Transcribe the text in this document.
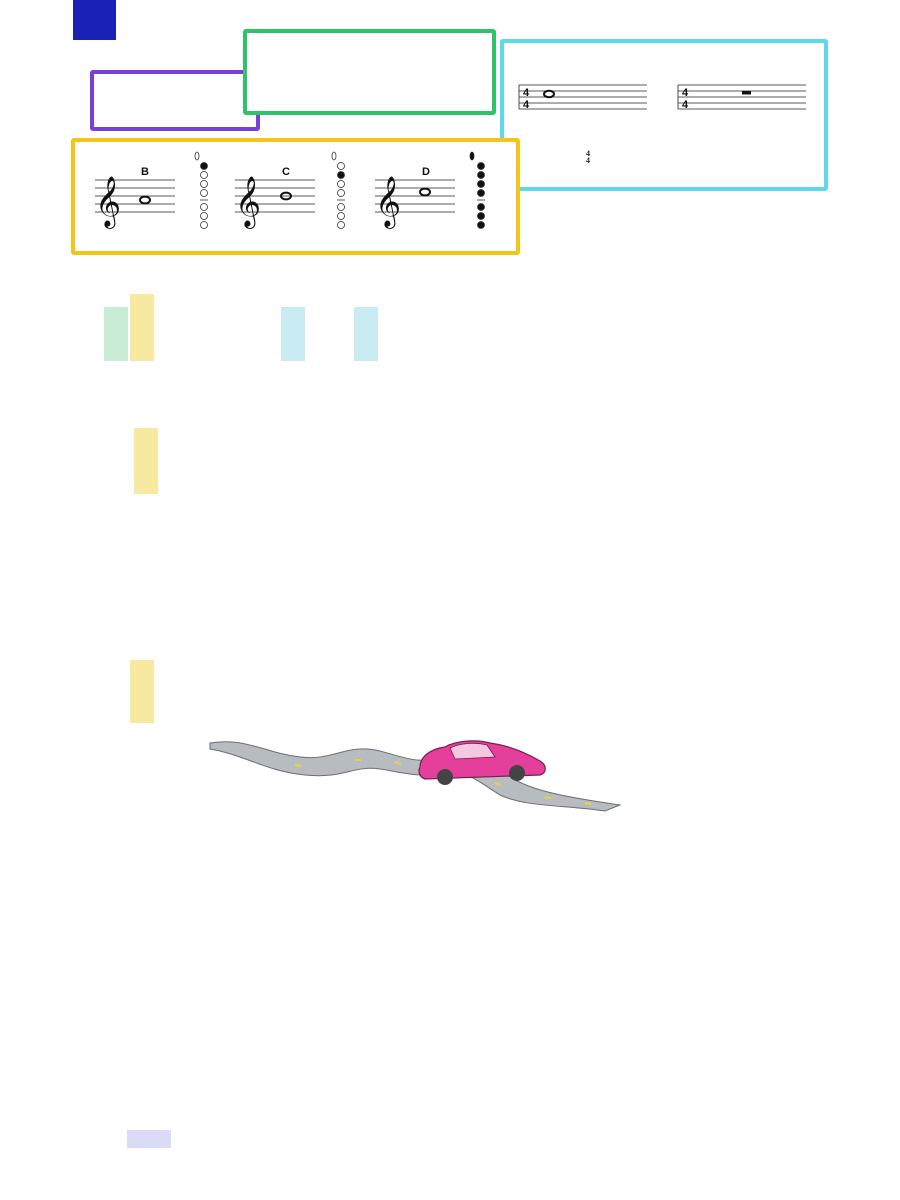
4
4
4
4
4
4
𝄞
B
𝄞
C
𝄞
D
